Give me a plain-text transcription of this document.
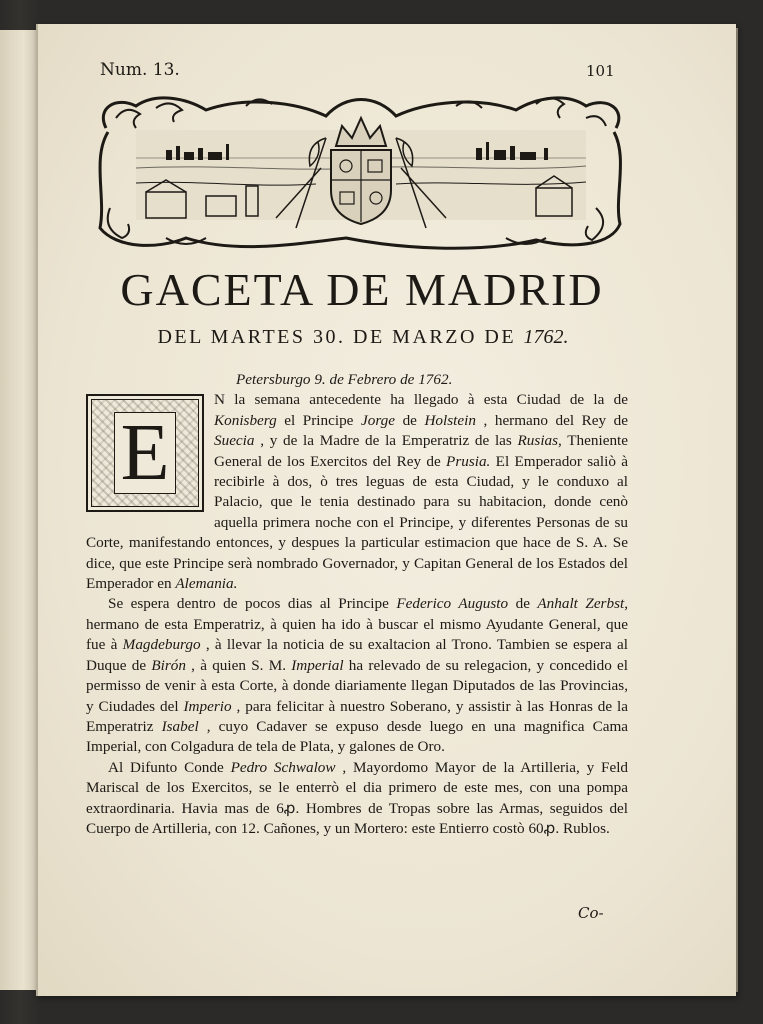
Num. 13.	101
GACETA DE MADRID
DEL MARTES 30. DE MARZO DE 1762.

Petersburgo 9. de Febrero de 1762.

E
N la semana antecedente ha llegado à esta Ciudad de la de Konisberg el Principe Jorge de Holstein , hermano del Rey de Suecia , y de la Madre de la Emperatriz de las Rusias, Theniente General de los Exercitos del Rey de Prusia. El Emperador saliò à recibirle à dos, ò tres leguas de esta Ciudad, y le conduxo al Palacio, que le tenia destinado para su habitacion, donde cenò aquella primera noche con el Principe, y diferentes Personas de su Corte, manifestando entonces, y despues la particular estimacion que hace de S. A. Se dice, que este Principe serà nombrado Governador, y Capitan General de los Estados del Emperador en Alemania.

Se espera dentro de pocos dias al Principe Federico Augusto de Anhalt Zerbst, hermano de esta Emperatriz, à quien ha ido à buscar el mismo Ayudante General, que fue à Magdeburgo , à llevar la noticia de su exaltacion al Trono. Tambien se espera al Duque de Birón , à quien S. M. Imperial ha relevado de su relegacion, y concedido el permisso de venir à esta Corte, à donde diariamente llegan Diputados de las Provincias, y Ciudades del Imperio , para felicitar à nuestro Soberano, y assistir à las Honras de la Emperatriz Isabel , cuyo Cadaver se expuso desde luego en una magnifica Cama Imperial, con Colgadura de tela de Plata, y galones de Oro.

Al Difunto Conde Pedro Schwalow , Mayordomo Mayor de la Artilleria, y Feld Mariscal de los Exercitos, se le enterrò el dia primero de este mes, con una pompa extraordinaria. Havia mas de 6ꝓ. Hombres de Tropas sobre las Armas, seguidos del Cuerpo de Artilleria, con 12. Cañones, y un Mortero: este Entierro costò 60ꝓ. Rublos.

Co-
